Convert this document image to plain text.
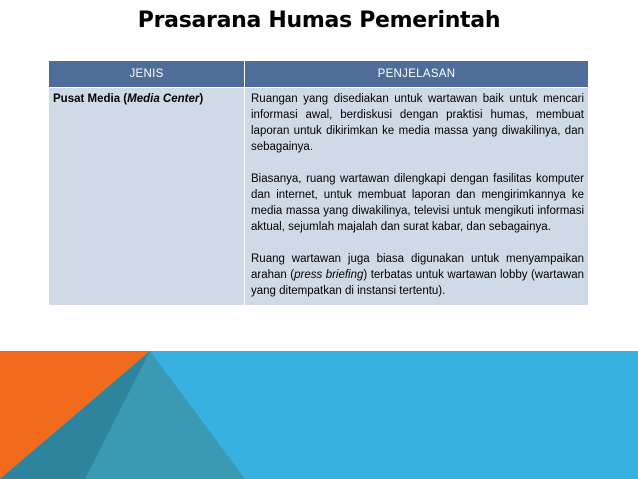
Prasarana Humas Pemerintah
JENIS	PENJELASAN
Pusat Media (Media Center)	Ruangan yang disediakan untuk wartawan baik untuk mencari informasi awal, berdiskusi dengan praktisi humas, membuat laporan untuk dikirimkan ke media massa yang diwakilinya, dan sebagainya.

Biasanya, ruang wartawan dilengkapi dengan fasilitas komputer dan internet, untuk membuat laporan dan mengirimkannya ke media massa yang diwakilinya, televisi untuk mengikuti informasi aktual, sejumlah majalah dan surat kabar, dan sebagainya.

Ruang wartawan juga biasa digunakan untuk menyampaikan arahan (press briefing) terbatas untuk wartawan lobby (wartawan yang ditempatkan di instansi tertentu).
